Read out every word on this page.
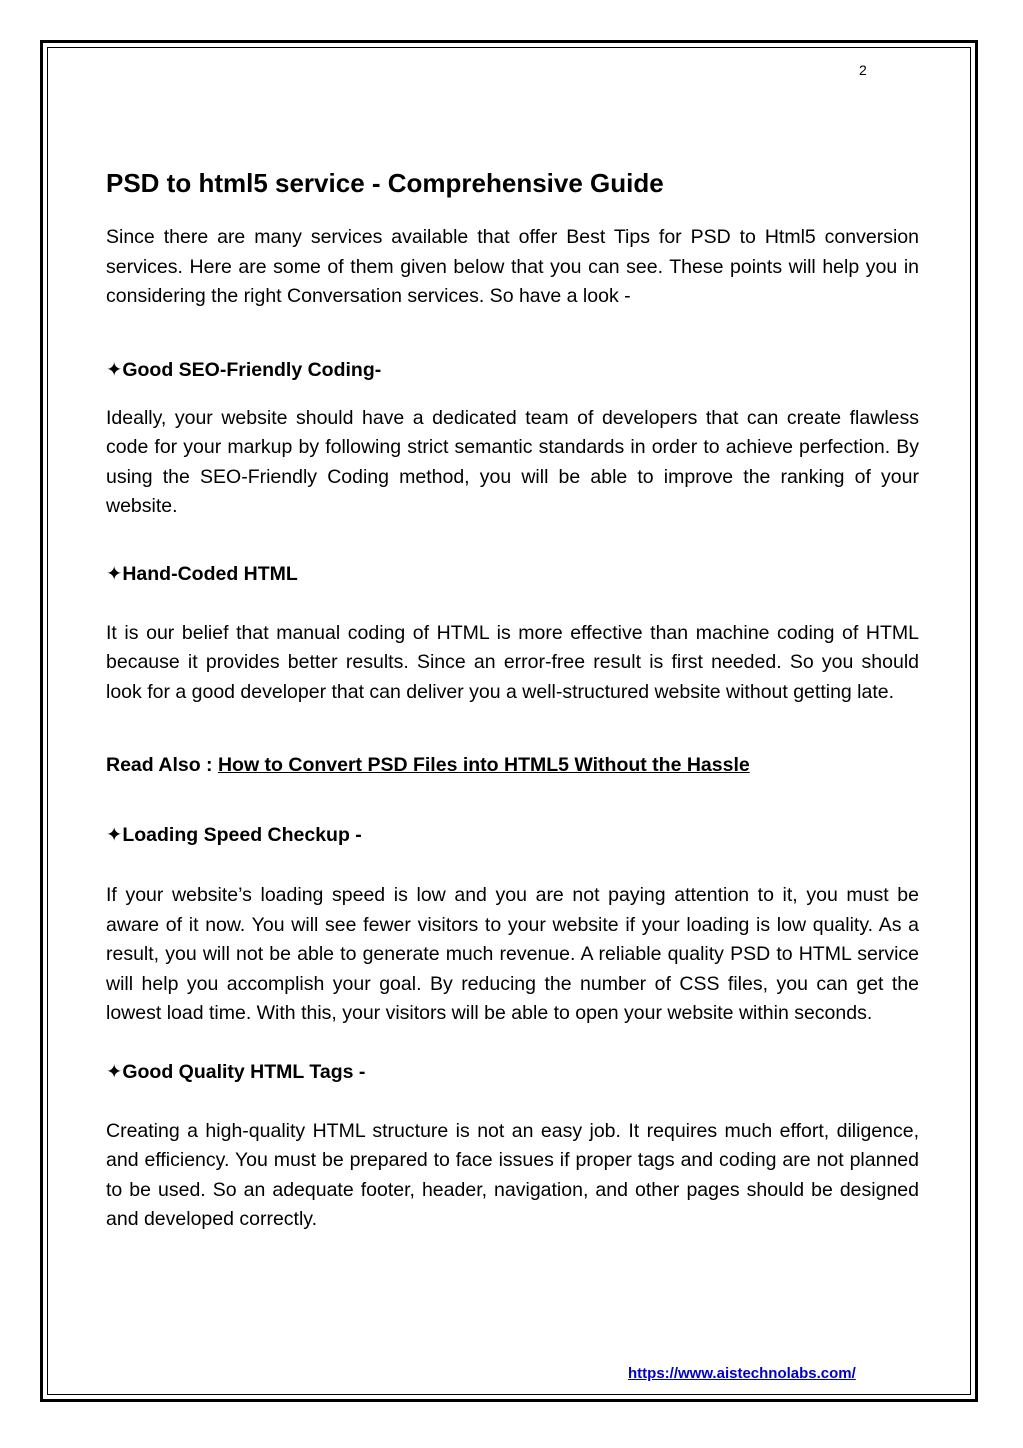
2
PSD to html5 service - Comprehensive Guide

Since there are many services available that offer Best Tips for PSD to Html5 conversion services. Here are some of them given below that you can see. These points will help you in considering the right Conversation services. So have a look -

✦Good SEO-Friendly Coding-

Ideally, your website should have a dedicated team of developers that can create flawless code for your markup by following strict semantic standards in order to achieve perfection. By using the SEO-Friendly Coding method, you will be able to improve the ranking of your website.

✦Hand-Coded HTML

It is our belief that manual coding of HTML is more effective than machine coding of HTML because it provides better results. Since an error-free result is first needed. So you should look for a good developer that can deliver you a well-structured website without getting late.

Read Also : How to Convert PSD Files into HTML5 Without the Hassle
✦Loading Speed Checkup -

If your website’s loading speed is low and you are not paying attention to it, you must be aware of it now. You will see fewer visitors to your website if your loading is low quality. As a result, you will not be able to generate much revenue. A reliable quality PSD to HTML service will help you accomplish your goal. By reducing the number of CSS files, you can get the lowest load time. With this, your visitors will be able to open your website within seconds.

✦Good Quality HTML Tags -

Creating a high-quality HTML structure is not an easy job. It requires much effort, diligence, and efficiency. You must be prepared to face issues if proper tags and coding are not planned to be used. So an adequate footer, header, navigation, and other pages should be designed and developed correctly.

https://www.aistechnolabs.com/
